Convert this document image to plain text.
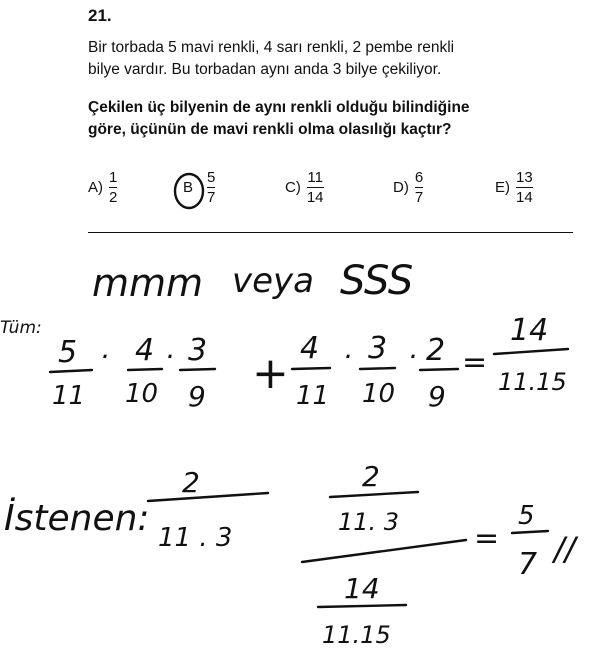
21.
Bir torbada 5 mavi renkli, 4 sarı renkli, 2 pembe renkli
bilye vardır. Bu torbadan aynı anda 3 bilye çekiliyor.
Çekilen üç bilyenin de aynı renkli olduğu bilindiğine
göre, üçünün de mavi renkli olma olasılığı kaçtır?
$A) \frac{1}{2}$	B $\frac{5}{7}$	$C) \frac{11}{14}$	$D) \frac{6}{7}$	$E) \frac{13}{14}$
mmm veya SSS
Tüm:
5
11
· 4
10
· 3
9 + 4
11
· 3
10
· 2
9
=
14
11.15
İstenen:
2
11 . 3
2
11. 3
14
11.15
=
5
7 //
